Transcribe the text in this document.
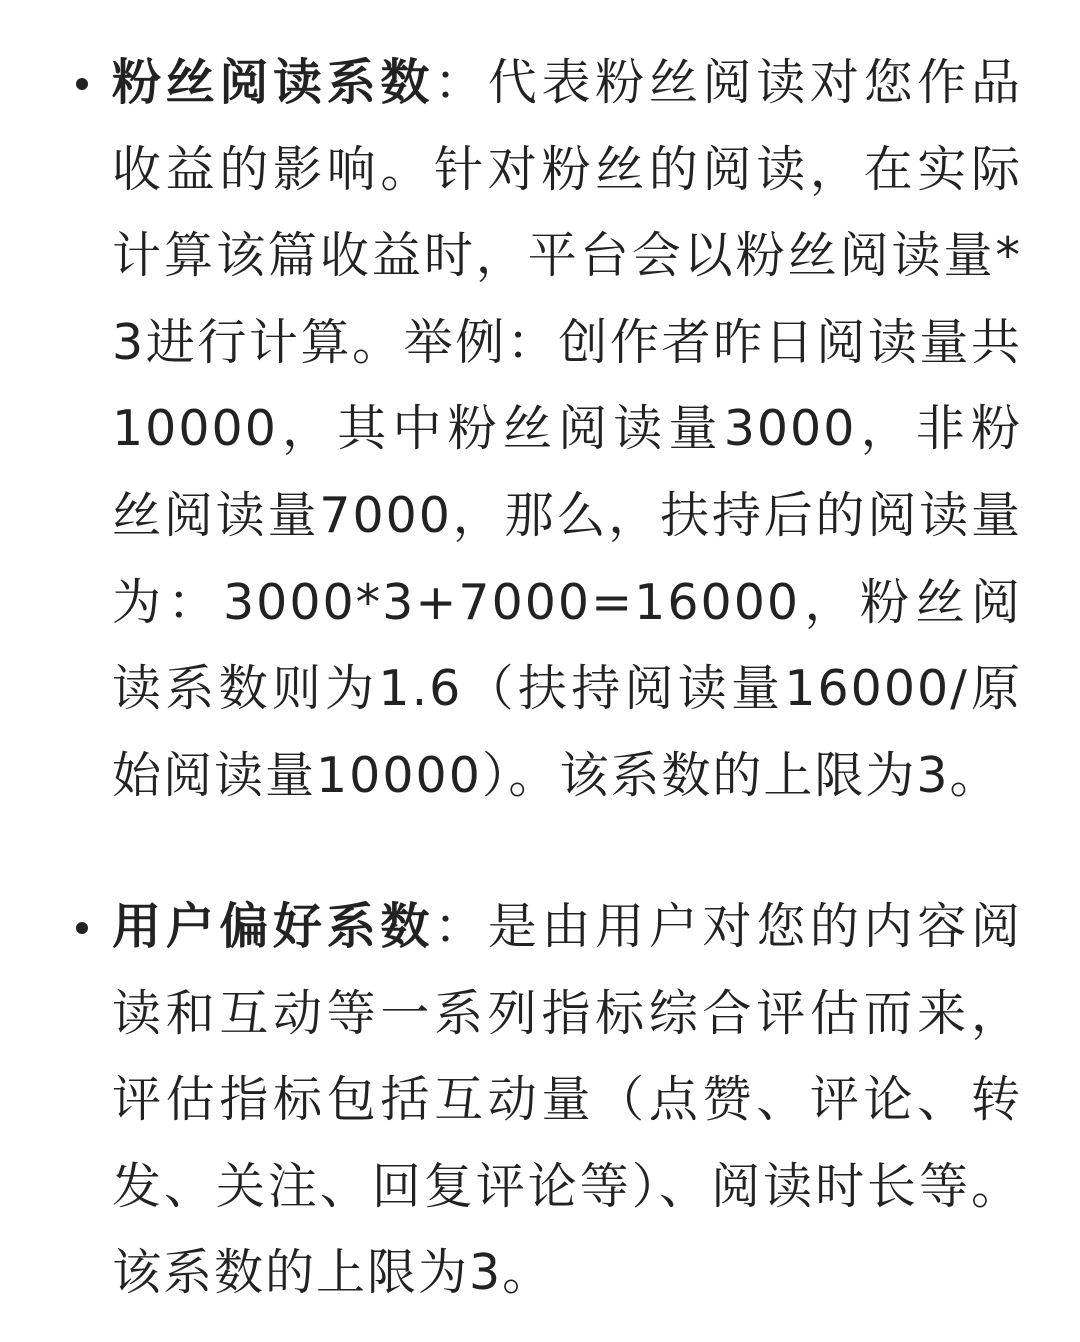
粉丝阅读系数：代表粉丝阅读对您作品收益的影响。针对粉丝的阅读，在实际计算该篇收益时，平台会以粉丝阅读量*3进行计算。举例：创作者昨日阅读量共10000，其中粉丝阅读量3000，非粉丝阅读量7000，那么，扶持后的阅读量为：3000*3+7000=16000，粉丝阅读系数则为1.6（扶持阅读量16000/原始阅读量10000）。该系数的上限为3。

用户偏好系数：是由用户对您的内容阅读和互动等一系列指标综合评估而来，评估指标包括互动量（点赞、评论、转发、关注、回复评论等）、阅读时长等。该系数的上限为3。
